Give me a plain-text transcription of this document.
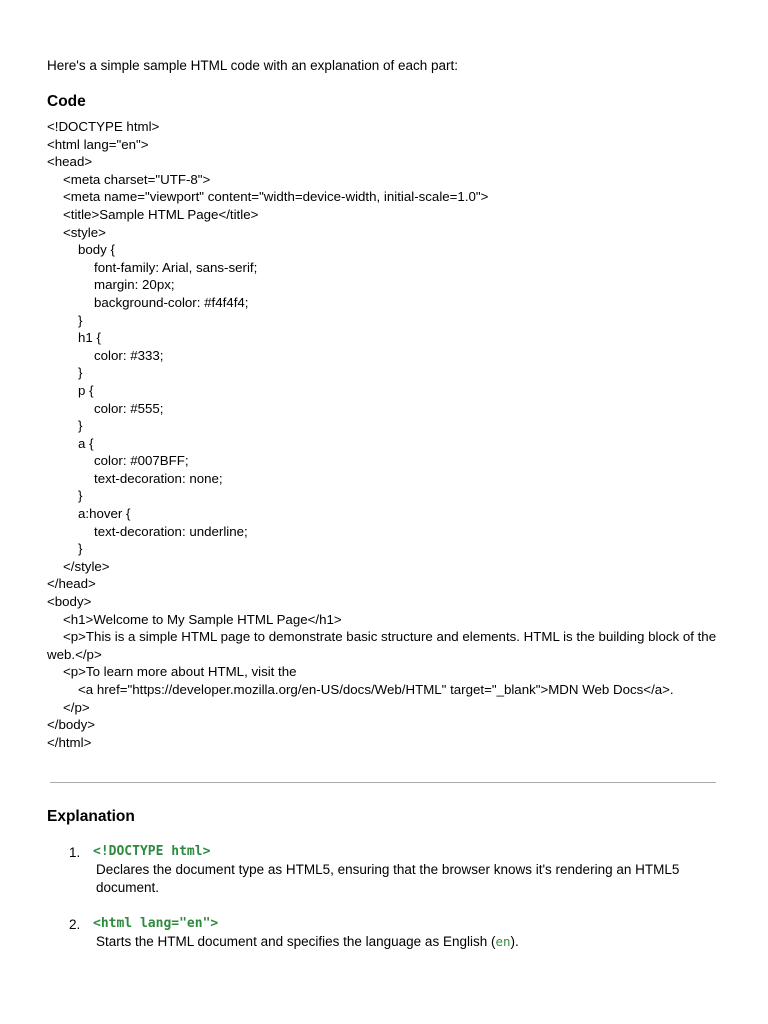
Here's a simple sample HTML code with an explanation of each part:
Code
<!DOCTYPE html>
<html lang="en">
<head>
<meta charset="UTF-8">
<meta name="viewport" content="width=device-width, initial-scale=1.0">
<title>Sample HTML Page</title>
<style>
body {
font-family: Arial, sans-serif;
margin: 20px;
background-color: #f4f4f4;
}
h1 {
color: #333;
}
p {
color: #555;
}
a {
color: #007BFF;
text-decoration: none;
}
a:hover {
text-decoration: underline;
}
</style>
</head>
<body>
<h1>Welcome to My Sample HTML Page</h1>
<p>This is a simple HTML page to demonstrate basic structure and elements. HTML is the building block of the web.</p>
<p>To learn more about HTML, visit the
<a href="https://developer.mozilla.org/en-US/docs/Web/HTML" target="_blank">MDN Web Docs</a>.
</p>
</body>
</html>
Explanation
1. <!DOCTYPE html>
Declares the document type as HTML5, ensuring that the browser knows it's rendering an HTML5 document.
2. <html lang="en">
Starts the HTML document and specifies the language as English (en).
